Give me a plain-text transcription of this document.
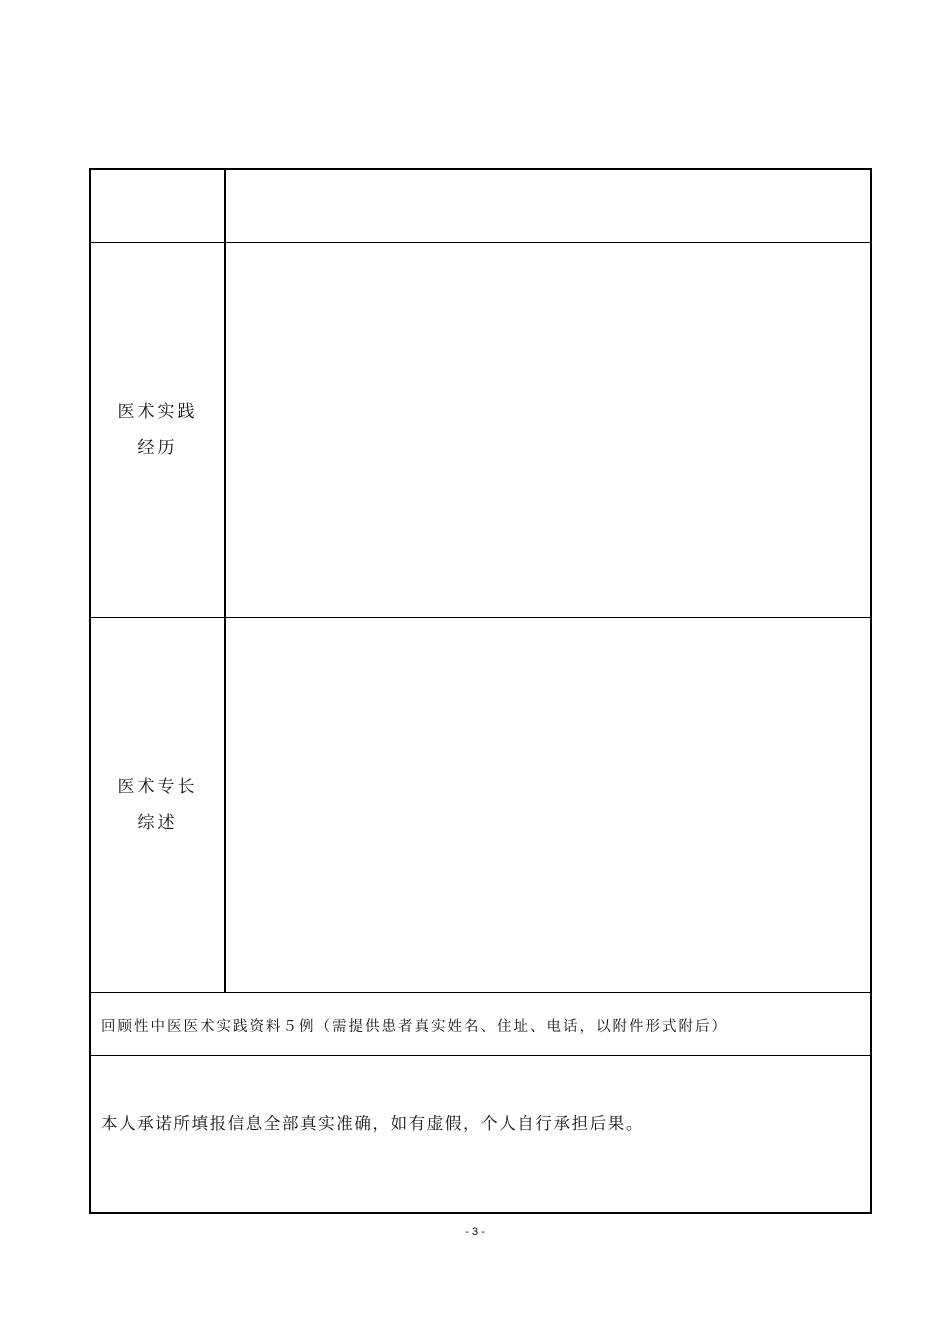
医术实践
经历
医术专长
综述
回顾性中医医术实践资料５例（需提供患者真实姓名、住址、电话，以附件形式附后）
本人承诺所填报信息全部真实准确，如有虚假，个人自行承担后果。
- 3 -
